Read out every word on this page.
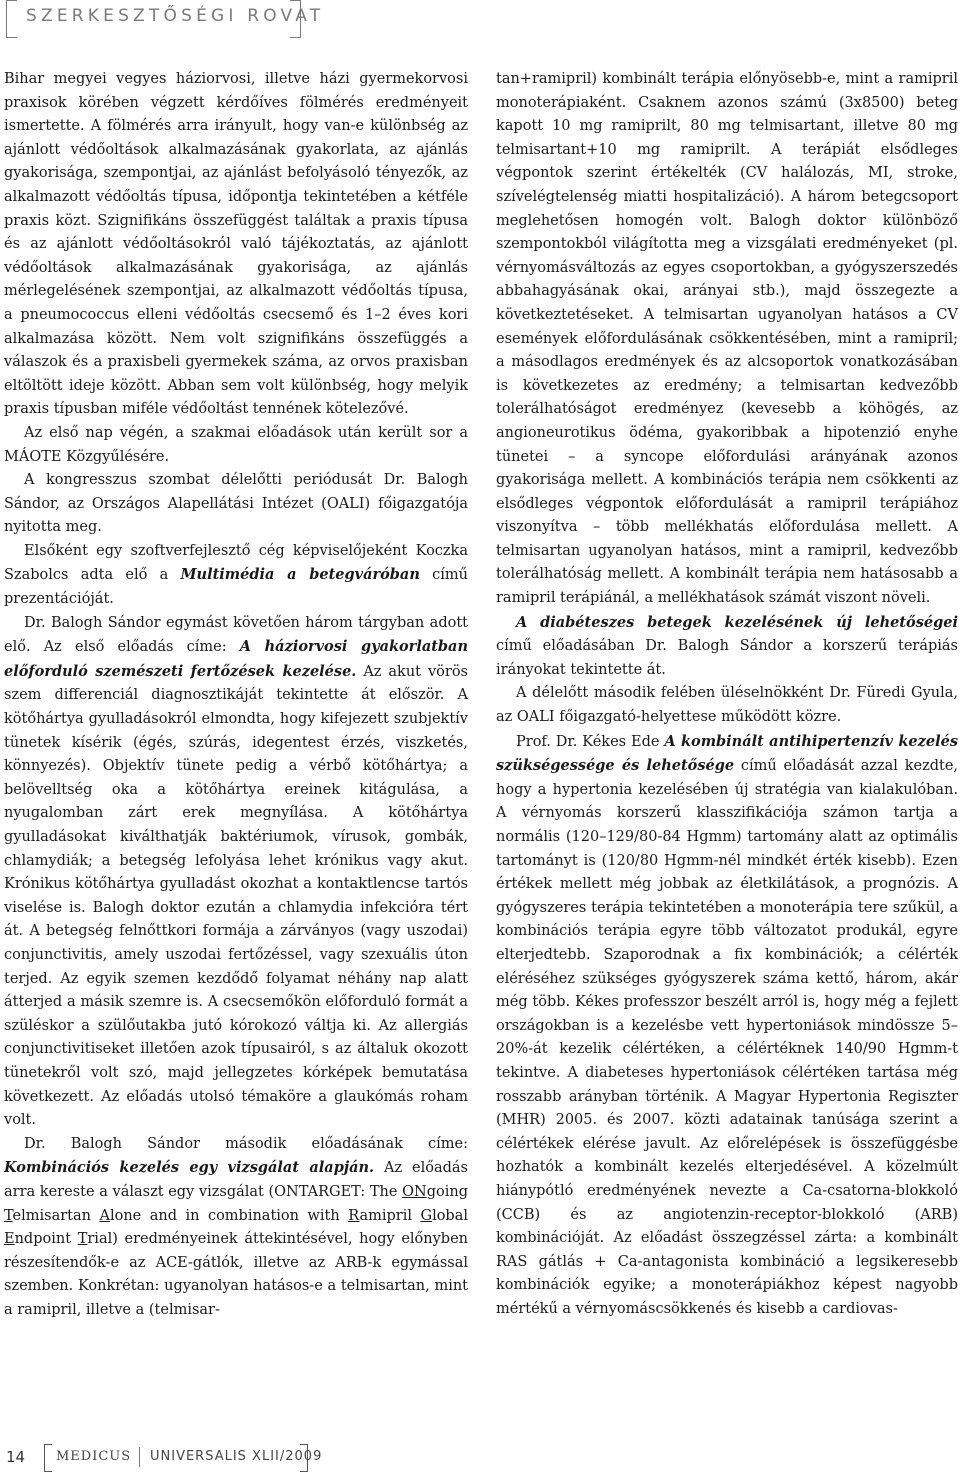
SZERKESZTŐSÉGI ROVAT

Bihar megyei vegyes háziorvosi, illetve házi gyermekorvosi praxisok körében végzett kérdőíves fölmérés eredményeit ismertette. A fölmérés arra irányult, hogy van-e különbség az ajánlott védőoltások alkalmazásának gyakorlata, az ajánlás gyakorisága, szempontjai, az ajánlást befolyásoló tényezők, az alkalmazott védőoltás típusa, időpontja tekintetében a kétféle praxis közt. Szignifikáns összefüggést találtak a praxis típusa és az ajánlott védőoltásokról való tájékoztatás, az ajánlott védőoltások alkalmazásának gyakorisága, az ajánlás mérlegelésének szempontjai, az alkalmazott védőoltás típusa, a pneumococcus elleni védőoltás csecsemő és 1–2 éves kori alkalmazása között. Nem volt szignifikáns összefüggés a válaszok és a praxisbeli gyermekek száma, az orvos praxisban eltöltött ideje között. Abban sem volt különbség, hogy melyik praxis típusban miféle védőoltást tennének kötelezővé.

Az első nap végén, a szakmai előadások után került sor a MÁOTE Közgyűlésére.

A kongresszus szombat délelőtti periódusát Dr. Balogh Sándor, az Országos Alapellátási Intézet (OALI) főigazgatója nyitotta meg.

Elsőként egy szoftverfejlesztő cég képviselőjeként Koczka Szabolcs adta elő a Multimédia a betegváróban című prezentációját.

Dr. Balogh Sándor egymást követően három tárgyban adott elő. Az első előadás címe: A háziorvosi gyakorlatban előforduló szemészeti fertőzések kezelése. Az akut vörös szem differenciál diagnosztikáját tekintette át először. A kötőhártya gyulladásokról elmondta, hogy kifejezett szubjektív tünetek kísérik (égés, szúrás, idegentest érzés, viszketés, könnyezés). Objektív tünete pedig a vérbő kötőhártya; a belövelltség oka a kötőhártya ereinek kitágulása, a nyugalomban zárt erek megnyílása. A kötőhártya gyulladásokat kiválthatják baktériumok, vírusok, gombák, chlamydiák; a betegség lefolyása lehet krónikus vagy akut. Krónikus kötőhártya gyulladást okozhat a kontaktlencse tartós viselése is. Balogh doktor ezután a chlamydia infekcióra tért át. A betegség felnőttkori formája a zárványos (vagy uszodai) conjunctivitis, amely uszodai fertőzéssel, vagy szexuális úton terjed. Az egyik szemen kezdődő folyamat néhány nap alatt átterjed a másik szemre is. A csecsemőkön előforduló formát a szüléskor a szülőutakba jutó kórokozó váltja ki. Az allergiás conjunctivitiseket illetően azok típusairól, s az általuk okozott tünetekről volt szó, majd jellegzetes kórképek bemutatása következett. Az előadás utolsó témaköre a glaukómás roham volt.

Dr. Balogh Sándor második előadásának címe: Kombinációs kezelés egy vizsgálat alapján. Az előadás arra kereste a választ egy vizsgálat (ONTARGET: The ONgoing Telmisartan Alone and in combination with Ramipril Global Endpoint Trial) eredményeinek áttekintésével, hogy előnyben részesítendők-e az ACE-gátlók, illetve az ARB-k egymással szemben. Konkrétan: ugyanolyan hatásos-e a telmisartan, mint a ramipril, illetve a (telmisar-

tan+ramipril) kombinált terápia előnyösebb-e, mint a ramipril monoterápiaként. Csaknem azonos számú (3x8500) beteg kapott 10 mg ramiprilt, 80 mg telmisartant, illetve 80 mg telmisartant+10 mg ramiprilt. A terápiát elsődleges végpontok szerint értékelték (CV halálozás, MI, stroke, szívelégtelenség miatti hospitalizáció). A három betegcsoport meglehetősen homogén volt. Balogh doktor különböző szempontokból világította meg a vizsgálati eredményeket (pl. vérnyomásváltozás az egyes csoportokban, a gyógyszerszedés abbahagyásának okai, arányai stb.), majd összegezte a következtetéseket. A telmisartan ugyanolyan hatásos a CV események előfordulásának csökkentésében, mint a ramipril; a másodlagos eredmények és az alcsoportok vonatkozásában is következetes az eredmény; a telmisartan kedvezőbb tolerálhatóságot eredményez (kevesebb a köhögés, az angioneurotikus ödéma, gyakoribbak a hipotenzió enyhe tünetei – a syncope előfordulási arányának azonos gyakorisága mellett. A kombinációs terápia nem csökkenti az elsődleges végpontok előfordulását a ramipril terápiához viszonyítva – több mellékhatás előfordulása mellett. A telmisartan ugyanolyan hatásos, mint a ramipril, kedvezőbb tolerálhatóság mellett. A kombinált terápia nem hatásosabb a ramipril terápiánál, a mellékhatások számát viszont növeli.

A diabéteszes betegek kezelésének új lehetőségei című előadásában Dr. Balogh Sándor a korszerű terápiás irányokat tekintette át.

A délelőtt második felében üléselnökként Dr. Füredi Gyula, az OALI főigazgató-helyettese működött közre.

Prof. Dr. Kékes Ede A kombinált antihipertenzív kezelés szükségessége és lehetősége című előadását azzal kezdte, hogy a hypertonia kezelésében új stratégia van kialakulóban. A vérnyomás korszerű klasszifikációja számon tartja a normális (120–129/80-84 Hgmm) tartomány alatt az optimális tartományt is (120/80 Hgmm-nél mindkét érték kisebb). Ezen értékek mellett még jobbak az életkilátások, a prognózis. A gyógyszeres terápia tekintetében a monoterápia tere szűkül, a kombinációs terápia egyre több változatot produkál, egyre elterjedtebb. Szaporodnak a fix kombinációk; a célérték eléréséhez szükséges gyógyszerek száma kettő, három, akár még több. Kékes professzor beszélt arról is, hogy még a fejlett országokban is a kezelésbe vett hypertoniások mindössze 5–20%-át kezelik célértéken, a célértéknek 140/90 Hgmm-t tekintve. A diabeteses hypertoniások célértéken tartása még rosszabb arányban történik. A Magyar Hypertonia Regiszter (MHR) 2005. és 2007. közti adatainak tanúsága szerint a célértékek elérése javult. Az előrelépések is összefüggésbe hozhatók a kombinált kezelés elterjedésével. A közelmúlt hiánypótló eredményének nevezte a Ca-csatorna-blokkoló (CCB) és az angiotenzin-receptor-blokkoló (ARB) kombinációját. Az előadást összegzéssel zárta: a kombinált RAS gátlás + Ca-antagonista kombináció a legsikeresebb kombinációk egyike; a monoterápiákhoz képest nagyobb mértékű a vérnyomáscsökkenés és kisebb a cardiovas-

14 MEDICUS UNIVERSALIS XLII/2009
